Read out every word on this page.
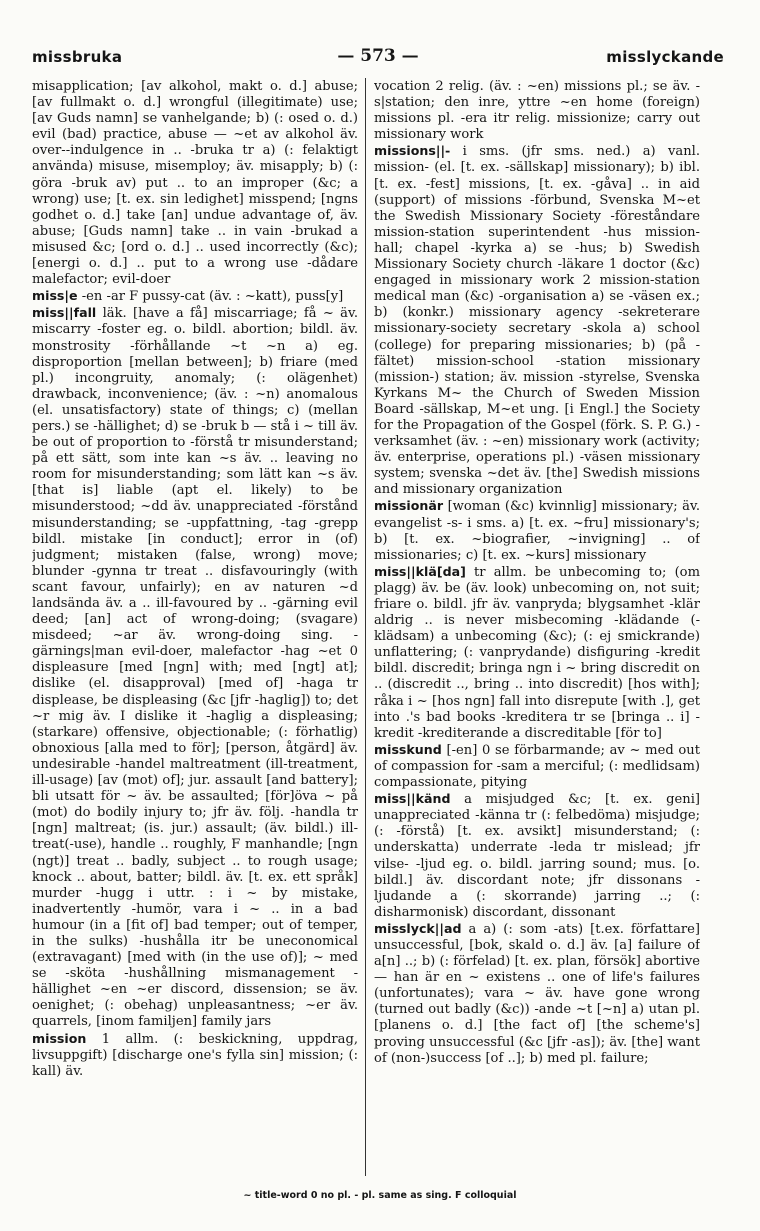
missbruka	— 573 —	misslyckande

misapplication; [av alkohol, makt o. d.] abuse; [av fullmakt o. d.] wrongful (illegitimate) use; [av Guds namn] se vanhelgande; b) (: osed o. d.) evil (bad) practice, abuse — ~et av alkohol äv. over--indulgence in .. -bruka tr a) (: felaktigt använda) misuse, misemploy; äv. misapply; b) (: göra -bruk av) put .. to an improper (&c; a wrong) use; [t. ex. sin ledighet] misspend; [ngns godhet o. d.] take [an] undue advantage of, äv. abuse; [Guds namn] take .. in vain -brukad a misused &c; [ord o. d.] .. used incorrectly (&c); [energi o. d.] .. put to a wrong use -dådare malefactor; evil-doer

miss|e -en -ar F pussy-cat (äv. : ~katt), puss[y]

miss||fall läk. [have a få] miscarriage; få ~ äv. miscarry -foster eg. o. bildl. abortion; bildl. äv. monstrosity -förhållande ~t ~n a) eg. disproportion [mellan between]; b) friare (med pl.) incongruity, anomaly; (: olägenhet) drawback, inconvenience; (äv. : ~n) anomalous (el. unsatisfactory) state of things; c) (mellan pers.) se -hällighet; d) se -bruk b — stå i ~ till äv. be out of proportion to -förstå tr misunderstand; på ett sätt, som inte kan ~s äv. .. leaving no room for misunderstanding; som lätt kan ~s äv. [that is] liable (apt el. likely) to be misunderstood; ~dd äv. unappreciated -förstånd misunderstanding; se -uppfattning, -tag -grepp bildl. mistake [in conduct]; error in (of) judgment; mistaken (false, wrong) move; blunder -gynna tr treat .. disfavouringly (with scant favour, unfairly); en av naturen ~d landsända äv. a .. ill-favoured by .. -gärning evil deed; [an] act of wrong-doing; (svagare) misdeed; ~ar äv. wrong-doing sing. -gärnings|man evil-doer, malefactor -hag ~et 0 displeasure [med [ngn] with; med [ngt] at]; dislike (el. disapproval) [med of] -haga tr displease, be displeasing (&c [jfr -haglig]) to; det ~r mig äv. I dislike it -haglig a displeasing; (starkare) offensive, objectionable; (: förhatlig) obnoxious [alla med to för]; [person, åtgärd] äv. undesirable -handel maltreatment (ill-treatment, ill-usage) [av (mot) of]; jur. assault [and battery]; bli utsatt för ~ äv. be assaulted; [för]öva ~ på (mot) do bodily injury to; jfr äv. följ. -handla tr [ngn] maltreat; (is. jur.) assault; (äv. bildl.) ill-treat(-use), handle .. roughly, F manhandle; [ngn (ngt)] treat .. badly, subject .. to rough usage; knock .. about, batter; bildl. äv. [t. ex. ett språk] murder -hugg i uttr. : i ~ by mistake, inadvertently -humör, vara i ~ .. in a bad humour (in a [fit of] bad temper; out of temper, in the sulks) -hushålla itr be uneconomical (extravagant) [med with (in the use of)]; ~ med se -sköta -hushållning mismanagement -hällighet ~en ~er discord, dissension; se äv. oenighet; (: obehag) unpleasantness; ~er äv. quarrels, [inom familjen] family jars

mission 1 allm. (: beskickning, uppdrag, livsuppgift) [discharge one's fylla sin] mission; (: kall) äv.

vocation 2 relig. (äv. : ~en) missions pl.; se äv. -s|station; den inre, yttre ~en home (foreign) missions pl. -era itr relig. missionize; carry out missionary work

missions||- i sms. (jfr sms. ned.) a) vanl. mission- (el. [t. ex. -sällskap] missionary); b) ibl. [t. ex. -fest] missions, [t. ex. -gåva] .. in aid (support) of missions -förbund, Svenska M~et the Swedish Missionary Society -föreståndare mission-station superintendent -hus mission-hall; chapel -kyrka a) se -hus; b) Swedish Missionary Society church -läkare 1 doctor (&c) engaged in missionary work 2 mission-station medical man (&c) -organisation a) se -väsen ex.; b) (konkr.) missionary agency -sekreterare missionary-society secretary -skola a) school (college) for preparing missionaries; b) (på -fältet) mission-school -station missionary (mission-) station; äv. mission -styrelse, Svenska Kyrkans M~ the Church of Sweden Mission Board -sällskap, M~et ung. [i Engl.] the Society for the Propagation of the Gospel (förk. S. P. G.) -verksamhet (äv. : ~en) missionary work (activity; äv. enterprise, operations pl.) -väsen missionary system; svenska ~det äv. [the] Swedish missions and missionary organization

missionär [woman (&c) kvinnlig] missionary; äv. evangelist -s- i sms. a) [t. ex. ~fru] missionary's; b) [t. ex. ~biografier, ~invigning] .. of missionaries; c) [t. ex. ~kurs] missionary

miss||klä[da] tr allm. be unbecoming to; (om plagg) äv. be (äv. look) unbecoming on, not suit; friare o. bildl. jfr äv. vanpryda; blygsamhet -klär aldrig .. is never misbecoming -klädande (-klädsam) a unbecoming (&c); (: ej smickrande) unflattering; (: vanprydande) disfiguring -kredit bildl. discredit; bringa ngn i ~ bring discredit on .. (discredit .., bring .. into discredit) [hos with]; råka i ~ [hos ngn] fall into disrepute [with .], get into .'s bad books -kreditera tr se [bringa .. i] -kredit -krediterande a discreditable [för to]

misskund [-en] 0 se förbarmande; av ~ med out of compassion for -sam a merciful; (: medlidsam) compassionate, pitying

miss||känd a misjudged &c; [t. ex. geni] unappreciated -känna tr (: felbedöma) misjudge; (: -förstå) [t. ex. avsikt] misunderstand; (: underskatta) underrate -leda tr mislead; jfr vilse- -ljud eg. o. bildl. jarring sound; mus. [o. bildl.] äv. discordant note; jfr dissonans -ljudande a (: skorrande) jarring ..; (: disharmonisk) discordant, dissonant

misslyck||ad a a) (: som -ats) [t.ex. författare] unsuccessful, [bok, skald o. d.] äv. [a] failure of a[n] ..; b) (: förfelad) [t. ex. plan, försök] abortive — han är en ~ existens .. one of life's failures (unfortunates); vara ~ äv. have gone wrong (turned out badly (&c)) -ande ~t [~n] a) utan pl. [planens o. d.] [the fact of] [the scheme's] proving unsuccessful (&c [jfr -as]); äv. [the] want of (non-)success [of ..]; b) med pl. failure;

~ title-word 0 no pl. - pl. same as sing. F colloquial
